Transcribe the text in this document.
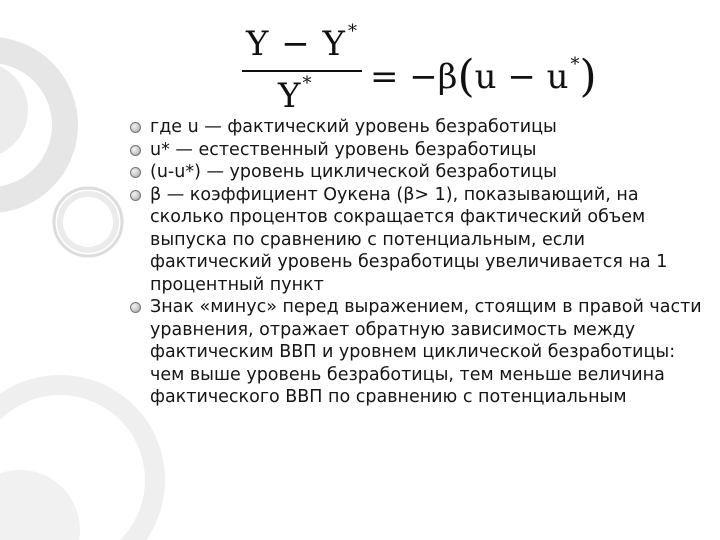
Y − Y *
Y * = −β(u − u *)
где u — фактический уровень безработицы
u* — естественный уровень безработицы
(u-u*) — уровень циклической безработицы
β — коэффициент Оукена (β> 1), показывающий, на сколько процентов сокращается фактический объем выпуска по сравнению с потенциальным, если фактический уровень безработицы увеличивается на 1 процентный пункт
Знак «минус» перед выражением, стоящим в правой части уравнения, отражает обратную зависимость между фактическим ВВП и уровнем циклической безработицы: чем выше уровень безработицы, тем меньше величина фактического ВВП по сравнению с потенциальным
